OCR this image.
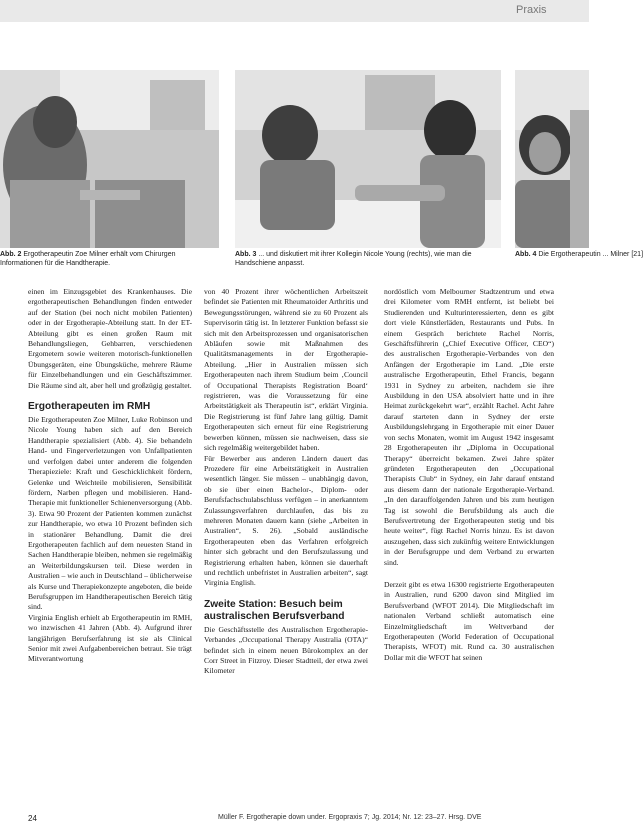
Praxis

Abb. 2 Ergotherapeutin Zoe Milner erhält vom Chirurgen Informationen für die Handtherapie.

Abb. 3 ... und diskutiert mit ihrer Kollegin Nicole Young (rechts), wie man die Handschiene anpasst.

Abb. 4 Die Ergotherapeutin ... Milner [21]

einen im Einzugsgebiet des Krankenhauses. Die ergotherapeutischen Behandlungen finden entweder auf der Station (bei noch nicht mobilen Patienten) oder in der Ergotherapie-Abteilung statt. In der ET-Abteilung gibt es einen großen Raum mit Behandlungsliegen, Gehbarren, verschiedenen Ergometern sowie weiteren motorisch-funktionellen Übungsgeräten, eine Übungsküche, mehrere Räume für Einzelbehandlungen und ein Geschäftszimmer. Die Räume sind alt, aber hell und großzügig gestaltet.

Ergotherapeuten im RMH

Die Ergotherapeuten Zoe Milner, Luke Robinson und Nicole Young haben sich auf den Bereich Handtherapie spezialisiert (Abb. 4). Sie behandeln Hand- und Fingerverletzungen von Unfallpatienten und verfolgen dabei unter anderem die folgenden Therapieziele: Kraft und Geschicklichkeit fördern, Gelenke und Weichteile mobilisieren, Sensibilität fördern, Narben pflegen und mobilisieren. Hand-Therapie mit funktioneller Schienenversorgung (Abb. 3). Etwa 90 Prozent der Patienten kommen zunächst zur Handtherapie, wo etwa 10 Prozent befinden sich in stationärer Behandlung. Damit die drei Ergotherapeuten fachlich auf dem neuesten Stand in Sachen Handtherapie bleiben, nehmen sie regelmäßig an Weiterbildungskursen teil. Diese werden in Australien – wie auch in Deutschland – üblicherweise als Kurse und Therapiekonzepte angeboten, die beide Berufsgruppen im Handtherapeutischen Bereich tätig sind.

Virginia English erhielt ab Ergotherapeutin im RMH, wo inzwischen 41 Jahren (Abb. 4). Aufgrund ihrer langjährigen Berufserfahrung ist sie als Clinical Senior mit zwei Aufgabenbereichen betraut. Sie trägt Mitverantwortung

von 40 Prozent ihrer wöchentlichen Arbeitszeit befindet sie Patienten mit Rheumatoider Arthritis und Bewegungsstörungen, während sie zu 60 Prozent als Supervisorin tätig ist. In letzterer Funktion befasst sie sich mit den Arbeitsprozessen und organisatorischen Abläufen sowie mit Maßnahmen des Qualitätsmanagements in der Ergotherapie-Abteilung. „Hier in Australien müssen sich Ergotherapeuten nach ihrem Studium beim ‚Council of Occupational Therapists Registration Board‘ registrieren, was die Voraussetzung für eine Arbeitstätigkeit als Therapeutin ist“, erklärt Virginia. Die Registrierung ist fünf Jahre lang gültig. Damit Ergotherapeuten sich erneut für eine Registrierung bewerben können, müssen sie nachweisen, dass sie sich regelmäßig weitergebildet haben.

Für Bewerber aus anderen Ländern dauert das Prozedere für eine Arbeitstätigkeit in Australien wesentlich länger. Sie müssen – unabhängig davon, ob sie über einen Bachelor-, Diplom- oder Berufsfachschulabschluss verfügen – in anerkanntem Zulassungsverfahren durchlaufen, das bis zu mehreren Monaten dauern kann (siehe „Arbeiten in Australien“, S. 26). „Sobald ausländische Ergotherapeuten eben das Verfahren erfolgreich hinter sich gebracht und den Berufszulassung und Registrierung erhalten haben, können sie dauerhaft und rechtlich unbefristet in Australien arbeiten“, sagt Virginia English.

Zweite Station: Besuch beim australischen Berufsverband

Die Geschäftsstelle des Australischen Ergotherapie-Verbandes „Occupational Therapy Australia (OTA)“ befindet sich in einem neuen Bürokomplex an der Corr Street in Fitzroy. Dieser Stadtteil, der etwa zwei Kilometer

nordöstlich vom Melbourner Stadtzentrum und etwa drei Kilometer vom RMH entfernt, ist beliebt bei Studierenden und Kulturinteressierten, denn es gibt dort viele Künstlerläden, Restaurants und Pubs. In einem Gespräch berichtete Rachel Norris, Geschäftsführerin („Chief Executive Officer, CEO“) des australischen Ergotherapie-Verbandes von den Anfängen der Ergotherapie im Land. „Die erste australische Ergotherapeutin, Ethel Francis, begann 1931 in Sydney zu arbeiten, nachdem sie ihre Ausbildung in den USA absolviert hatte und in ihre Heimat zurückgekehrt war“, erzählt Rachel. Acht Jahre darauf starteten dann in Sydney der erste Ausbildungslehrgang in Ergotherapie mit einer Dauer von sechs Monaten, womit im August 1942 insgesamt 28 Ergotherapeuten ihr „Diploma in Occupational Therapy“ überreicht bekamen. Zwei Jahre später gründeten Ergotherapeuten den „Occupational Therapists Club“ in Sydney, ein Jahr darauf entstand aus diesem dann der nationale Ergotherapie-Verband. „In den darauffolgenden Jahren und bis zum heutigen Tag ist sowohl die Berufsbildung als auch die Berufsvertretung der Ergotherapeuten stetig und bis heute weiter“, fügt Rachel Norris hinzu. Es ist davon auszugehen, dass sich zukünftig weitere Entwicklungen in der Berufsgruppe und dem Verband zu erwarten sind.

Derzeit gibt es etwa 16300 registrierte Ergotherapeuten in Australien, rund 6200 davon sind Mitglied im Berufsverband (WFOT 2014). Die Mitgliedschaft im nationalen Verband schließt automatisch eine Einzelmitgliedschaft im Weltverband der Ergotherapeuten (World Federation of Occupational Therapists, WFOT) mit. Rund ca. 30 australischen Dollar mit die WFOT hat seinen

24	Müller F. Ergotherapie down under. Ergopraxis 7; Jg. 2014; Nr. 12: 23–27. Hrsg. DVE
